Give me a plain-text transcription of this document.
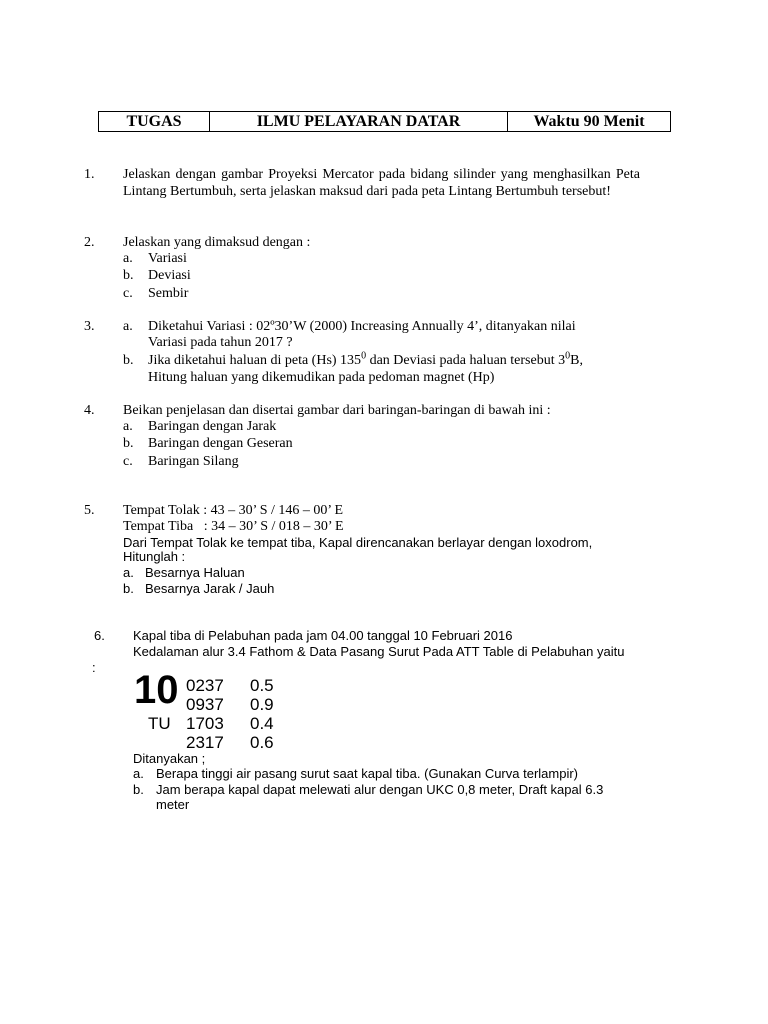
TUGAS	ILMU PELAYARAN DATAR	Waktu 90 Menit
1. Jelaskan dengan gambar Proyeksi Mercator pada bidang silinder yang menghasilkan Peta Lintang Bertumbuh, serta jelaskan maksud dari pada peta Lintang Bertumbuh tersebut!
2. Jelaskan yang dimaksud dengan :
a. Variasi
b. Deviasi
c. Sembir
3. a. Diketahui Variasi : 02º30’W (2000) Increasing Annually 4’, ditanyakan nilai
Variasi pada tahun 2017 ?
b. Jika diketahui haluan di peta (Hs) $135^0$ dan Deviasi pada haluan tersebut $3^0B$,
Hitung haluan yang dikemudikan pada pedoman magnet (Hp)
4. Beikan penjelasan dan disertai gambar dari baringan-baringan di bawah ini :
a. Baringan dengan Jarak
b. Baringan dengan Geseran
c. Baringan Silang
5. Tempat Tolak : 43 – 30’ S / 146 – 00’ E
Tempat Tiba   : 34 – 30’ S / 018 – 30’ E
Dari Tempat Tolak ke tempat tiba, Kapal direncanakan berlayar dengan loxodrom,
Hitunglah :
a. Besarnya Haluan
b. Besarnya Jarak / Jauh
6. Kapal tiba di Pelabuhan pada jam 04.00 tanggal 10 Februari 2016
Kedalaman alur 3.4 Fathom & Data Pasang Surut Pada ATT Table di Pelabuhan yaitu
:
10
TU
0237 0.5
0937 0.9
1703 0.4
2317 0.6
Ditanyakan ;
a. Berapa tinggi air pasang surut saat kapal tiba. (Gunakan Curva terlampir)
b. Jam berapa kapal dapat melewati alur dengan UKC 0,8 meter, Draft kapal 6.3
meter
